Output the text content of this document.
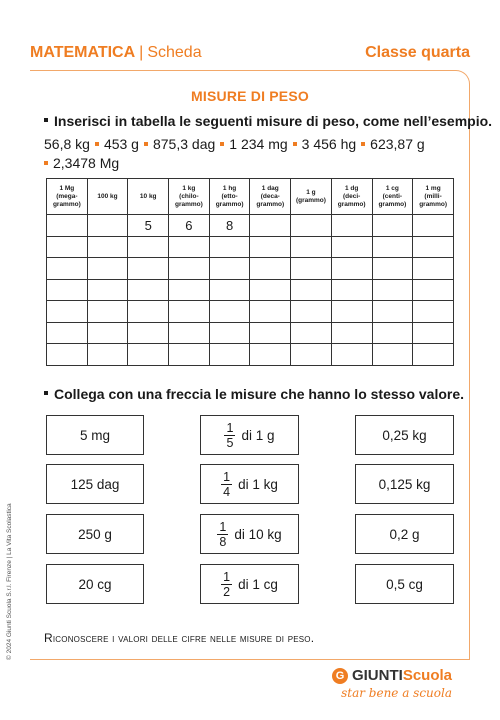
MATEMATICA | Scheda	Classe quarta
MISURE DI PESO
Inserisci in tabella le seguenti misure di peso, come nell’esempio.
56,8 kg 453 g 875,3 dag 1 234 mg 3 456 hg 623,87 g
2,3478 Mg
1 Mg
(mega-
grammo)	100 kg	10 kg	1 kg
(chilo-
grammo)	1 hg
(etto-
grammo)	1 dag
(deca-
grammo)	1 g
(grammo)	1 dg
(deci-
grammo)	1 cg
(centi-
grammo)	1 mg
(milli-
grammo)
		5	6	8					

Collega con una freccia le misure che hanno lo stesso valore.
5 mg
125 dag
250 g
20 cg
$\frac{1}{5}$ di 1 g
$\frac{1}{4}$ di 1 kg
$\frac{1}{8}$ di 10 kg
$\frac{1}{2}$ di 1 cg
0,25 kg
0,125 kg
0,2 g
0,5 cg
Riconoscere i valori delle cifre nelle misure di peso.
© 2024 Giunti Scuola S.r.l. Firenze | La Vita Scolastica
G GIUNTI Scuola
star bene a scuola
